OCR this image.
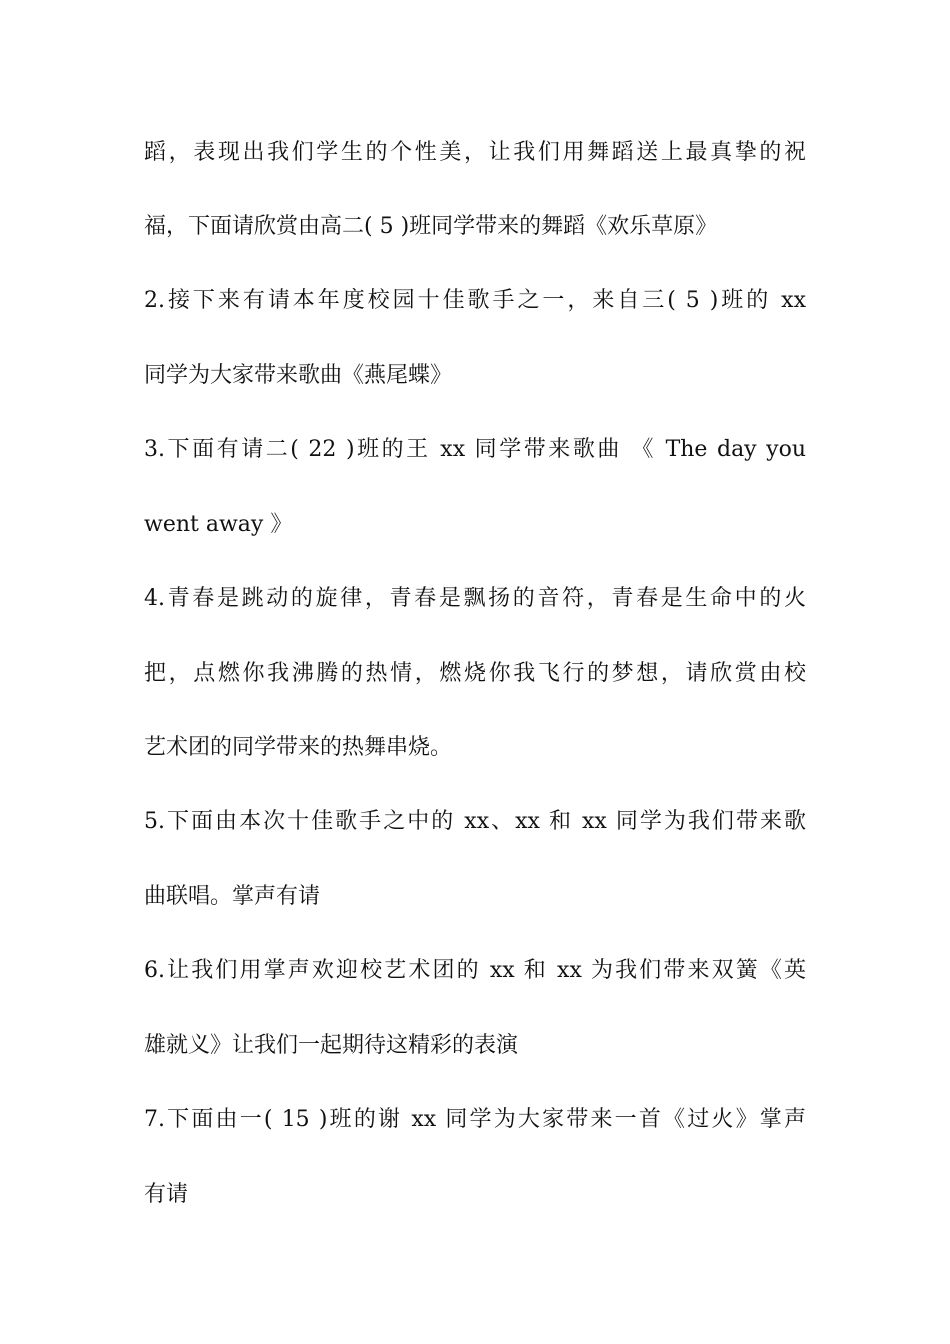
蹈，表现出我们学生的个性美，让我们用舞蹈送上最真挚的祝
福，下面请欣赏由高二( 5 )班同学带来的舞蹈《欢乐草原》
2.接下来有请本年度校园十佳歌手之一，来自三( 5 )班的 xx
同学为大家带来歌曲《燕尾蝶》
3.下面有请二( 22 )班的王 xx 同学带来歌曲 《 The day you
went away 》
4.青春是跳动的旋律，青春是飘扬的音符，青春是生命中的火
把，点燃你我沸腾的热情，燃烧你我飞行的梦想，请欣赏由校
艺术团的同学带来的热舞串烧。
5.下面由本次十佳歌手之中的 xx、xx 和 xx 同学为我们带来歌
曲联唱。掌声有请
6.让我们用掌声欢迎校艺术团的 xx 和 xx 为我们带来双簧《英
雄就义》让我们一起期待这精彩的表演
7.下面由一( 15 )班的谢 xx 同学为大家带来一首《过火》掌声
有请
